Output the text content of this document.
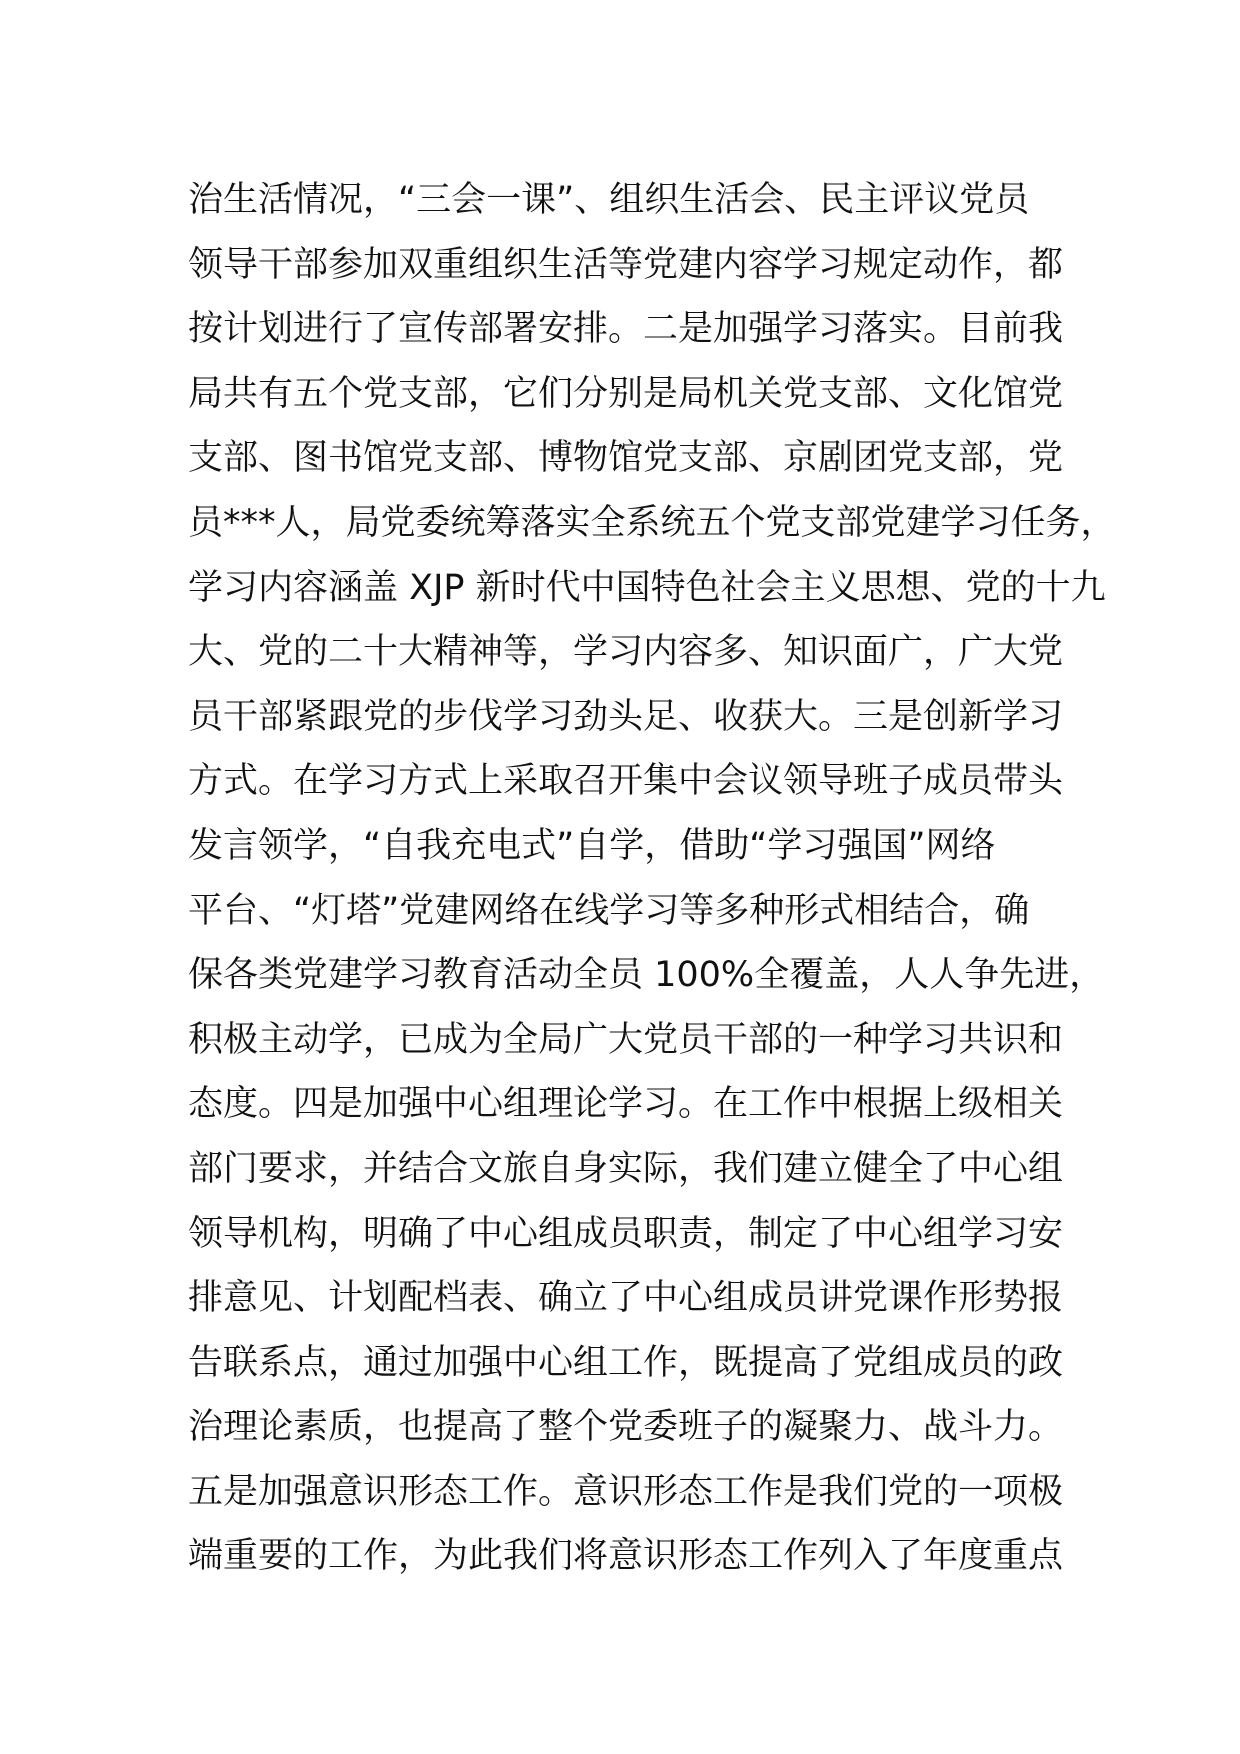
治生活情况，“三会一课”、组织生活会、民主评议党员
领导干部参加双重组织生活等党建内容学习规定动作，都
按计划进行了宣传部署安排。二是加强学习落实。目前我
局共有五个党支部，它们分别是局机关党支部、文化馆党
支部、图书馆党支部、博物馆党支部、京剧团党支部，党
员***人，局党委统筹落实全系统五个党支部党建学习任务，
学习内容涵盖 XJP 新时代中国特色社会主义思想、党的十九
大、党的二十大精神等，学习内容多、知识面广，广大党
员干部紧跟党的步伐学习劲头足、收获大。三是创新学习
方式。在学习方式上采取召开集中会议领导班子成员带头
发言领学，“自我充电式”自学，借助“学习强国”网络
平台、“灯塔”党建网络在线学习等多种形式相结合，确
保各类党建学习教育活动全员 100%全覆盖，人人争先进，
积极主动学，已成为全局广大党员干部的一种学习共识和
态度。四是加强中心组理论学习。在工作中根据上级相关
部门要求，并结合文旅自身实际，我们建立健全了中心组
领导机构，明确了中心组成员职责，制定了中心组学习安
排意见、计划配档表、确立了中心组成员讲党课作形势报
告联系点，通过加强中心组工作，既提高了党组成员的政
治理论素质，也提高了整个党委班子的凝聚力、战斗力。
五是加强意识形态工作。意识形态工作是我们党的一项极
端重要的工作，为此我们将意识形态工作列入了年度重点
